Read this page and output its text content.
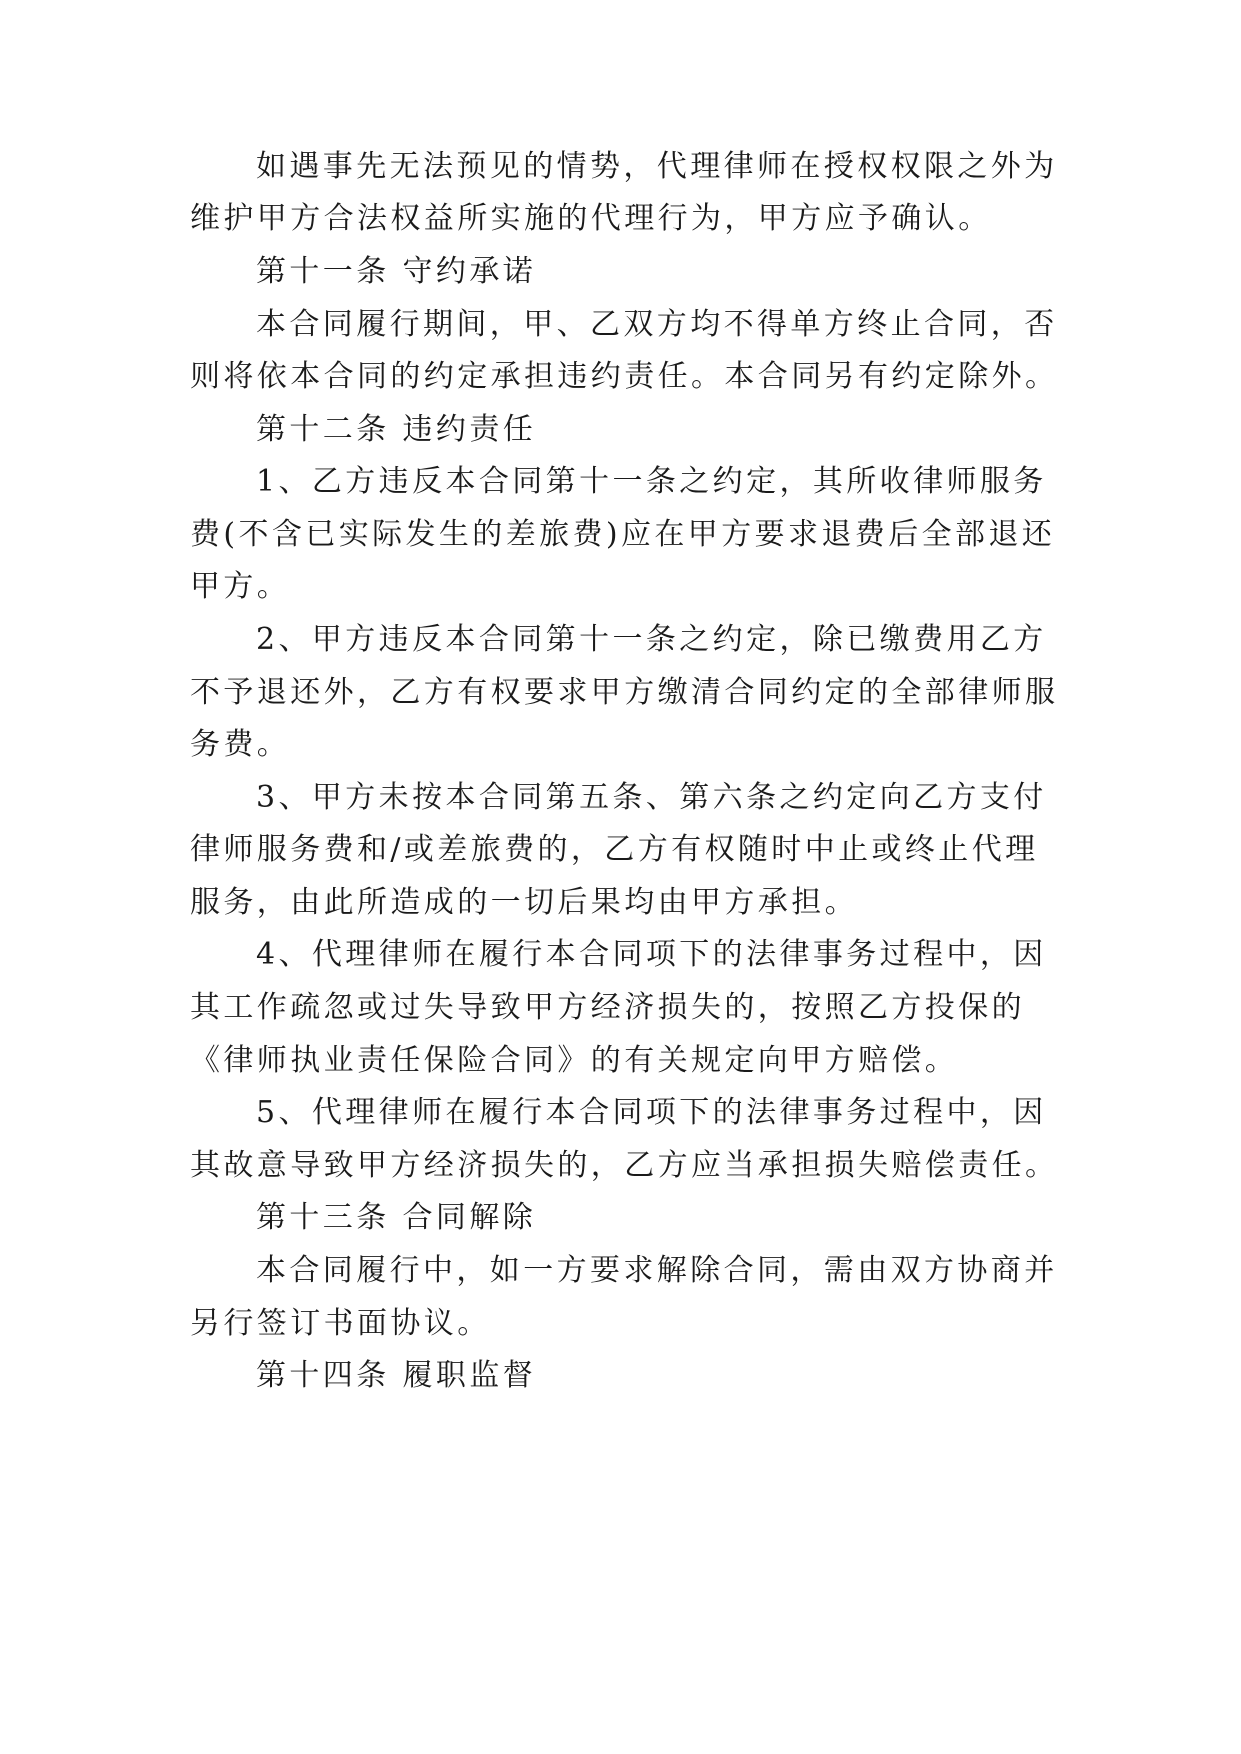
如遇事先无法预见的情势，代理律师在授权权限之外为

维护甲方合法权益所实施的代理行为，甲方应予确认。

第十一条 守约承诺

本合同履行期间，甲、乙双方均不得单方终止合同，否

则将依本合同的约定承担违约责任。本合同另有约定除外。

第十二条 违约责任

1、乙方违反本合同第十一条之约定，其所收律师服务

费(不含已实际发生的差旅费)应在甲方要求退费后全部退还

甲方。

2、甲方违反本合同第十一条之约定，除已缴费用乙方

不予退还外，乙方有权要求甲方缴清合同约定的全部律师服

务费。

3、甲方未按本合同第五条、第六条之约定向乙方支付

律师服务费和/或差旅费的，乙方有权随时中止或终止代理

服务，由此所造成的一切后果均由甲方承担。

4、代理律师在履行本合同项下的法律事务过程中，因

其工作疏忽或过失导致甲方经济损失的，按照乙方投保的

《律师执业责任保险合同》的有关规定向甲方赔偿。

5、代理律师在履行本合同项下的法律事务过程中，因

其故意导致甲方经济损失的，乙方应当承担损失赔偿责任。

第十三条 合同解除

本合同履行中，如一方要求解除合同，需由双方协商并

另行签订书面协议。

第十四条 履职监督
